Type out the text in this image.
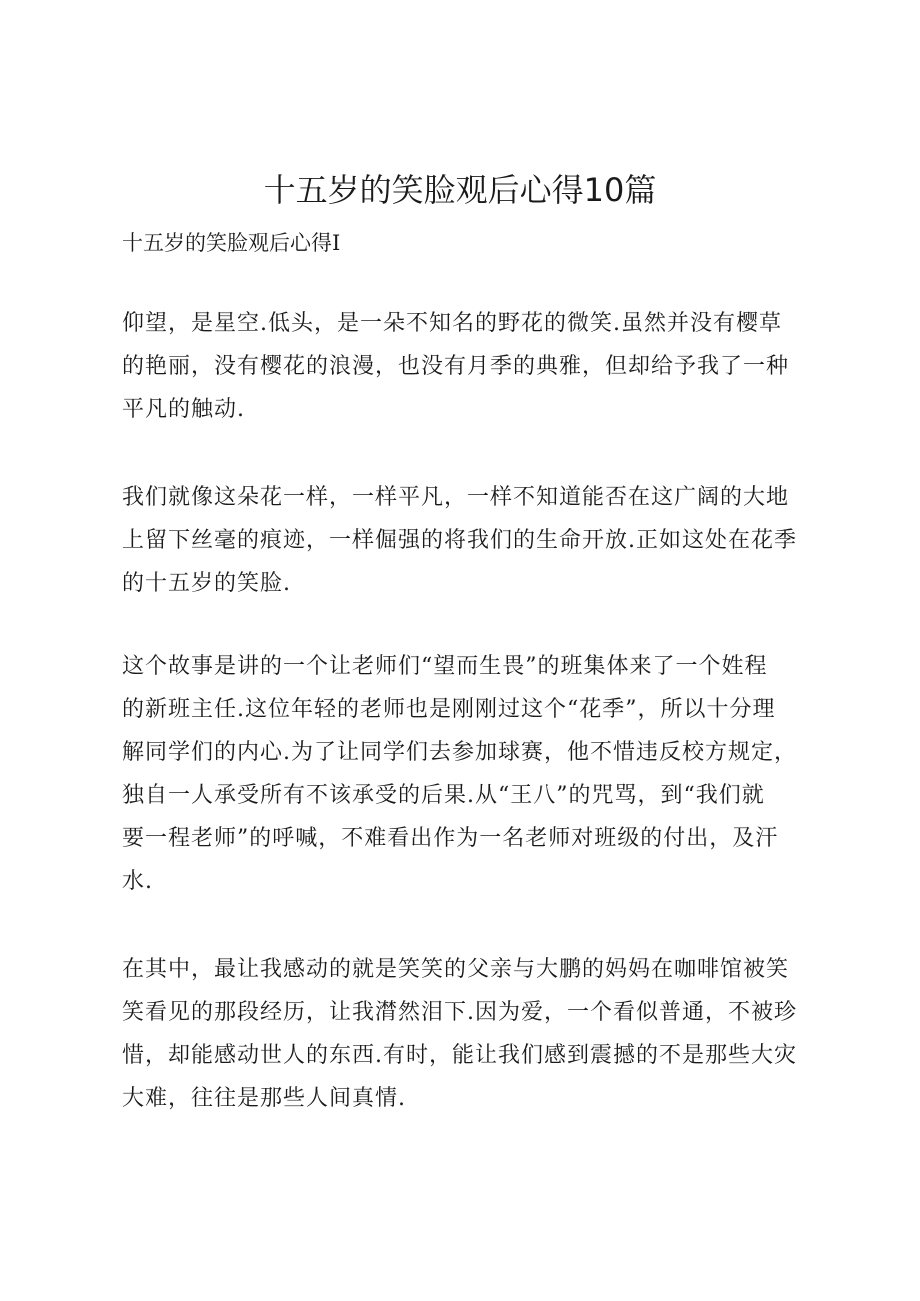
十五岁的笑脸观后心得10篇
十五岁的笑脸观后心得I

仰望，是星空.低头，是一朵不知名的野花的微笑.虽然并没有樱草
的艳丽，没有樱花的浪漫，也没有月季的典雅，但却给予我了一种
平凡的触动.

我们就像这朵花一样，一样平凡，一样不知道能否在这广阔的大地
上留下丝毫的痕迹，一样倔强的将我们的生命开放.正如这处在花季
的十五岁的笑脸.

这个故事是讲的一个让老师们“望而生畏”的班集体来了一个姓程
的新班主任.这位年轻的老师也是刚刚过这个“花季”，所以十分理
解同学们的内心.为了让同学们去参加球赛，他不惜违反校方规定，
独自一人承受所有不该承受的后果.从“王八”的咒骂，到“我们就
要一程老师”的呼喊，不难看出作为一名老师对班级的付出，及汗
水.

在其中，最让我感动的就是笑笑的父亲与大鹏的妈妈在咖啡馆被笑
笑看见的那段经历，让我潸然泪下.因为爱，一个看似普通，不被珍
惜，却能感动世人的东西.有时，能让我们感到震撼的不是那些大灾
大难，往往是那些人间真情.
